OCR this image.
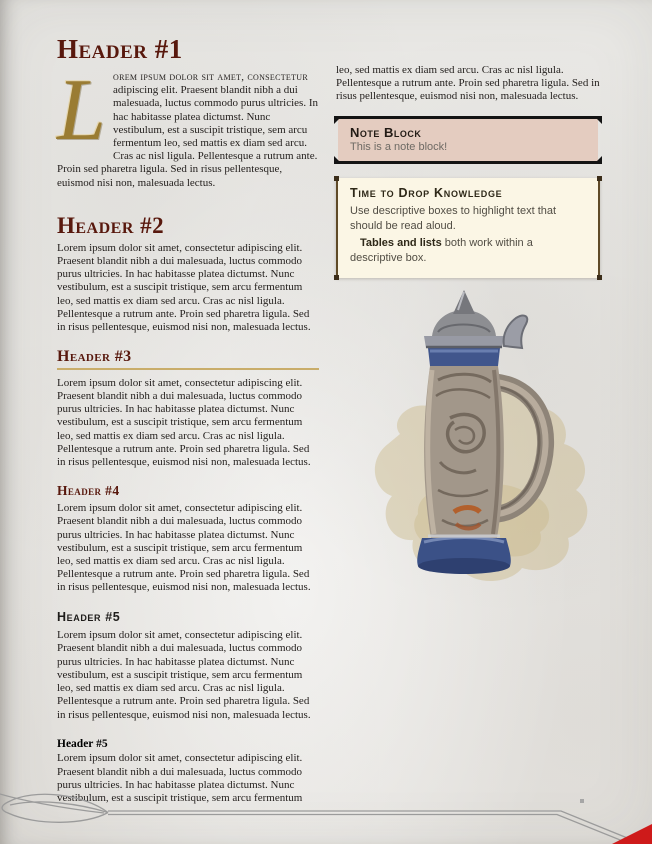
Header #1

Lorem ipsum dolor sit amet, consectetur adipiscing elit. Praesent blandit nibh a dui malesuada, luctus commodo purus ultricies. In hac habitasse platea dictumst. Nunc vestibulum, est a suscipit tristique, sem arcu fermentum leo, sed mattis ex diam sed arcu. Cras ac nisl ligula. Pellentesque a rutrum ante. Proin sed pharetra ligula. Sed in risus pellentesque, euismod nisi non, malesuada lectus.

Header #2

Lorem ipsum dolor sit amet, consectetur adipiscing elit. Praesent blandit nibh a dui malesuada, luctus commodo purus ultricies. In hac habitasse platea dictumst. Nunc vestibulum, est a suscipit tristique, sem arcu fermentum leo, sed mattis ex diam sed arcu. Cras ac nisl ligula. Pellentesque a rutrum ante. Proin sed pharetra ligula. Sed in risus pellentesque, euismod nisi non, malesuada lectus.

Header #3

Lorem ipsum dolor sit amet, consectetur adipiscing elit. Praesent blandit nibh a dui malesuada, luctus commodo purus ultricies. In hac habitasse platea dictumst. Nunc vestibulum, est a suscipit tristique, sem arcu fermentum leo, sed mattis ex diam sed arcu. Cras ac nisl ligula. Pellentesque a rutrum ante. Proin sed pharetra ligula. Sed in risus pellentesque, euismod nisi non, malesuada lectus.

Header #4

Lorem ipsum dolor sit amet, consectetur adipiscing elit. Praesent blandit nibh a dui malesuada, luctus commodo purus ultricies. In hac habitasse platea dictumst. Nunc vestibulum, est a suscipit tristique, sem arcu fermentum leo, sed mattis ex diam sed arcu. Cras ac nisl ligula. Pellentesque a rutrum ante. Proin sed pharetra ligula. Sed in risus pellentesque, euismod nisi non, malesuada lectus.

Header #5

Lorem ipsum dolor sit amet, consectetur adipiscing elit. Praesent blandit nibh a dui malesuada, luctus commodo purus ultricies. In hac habitasse platea dictumst. Nunc vestibulum, est a suscipit tristique, sem arcu fermentum leo, sed mattis ex diam sed arcu. Cras ac nisl ligula. Pellentesque a rutrum ante. Proin sed pharetra ligula. Sed in risus pellentesque, euismod nisi non, malesuada lectus.

Header #5

Lorem ipsum dolor sit amet, consectetur adipiscing elit. Praesent blandit nibh a dui malesuada, luctus commodo purus ultricies. In hac habitasse platea dictumst. Nunc vestibulum, est a suscipit tristique, sem arcu fermentum

leo, sed mattis ex diam sed arcu. Cras ac nisl ligula. Pellentesque a rutrum ante. Proin sed pharetra ligula. Sed in risus pellentesque, euismod nisi non, malesuada lectus.

Note Block

This is a note block!

Time to Drop Knowledge

Use descriptive boxes to highlight text that should be read aloud.

Tables and lists both work within a descriptive box.
